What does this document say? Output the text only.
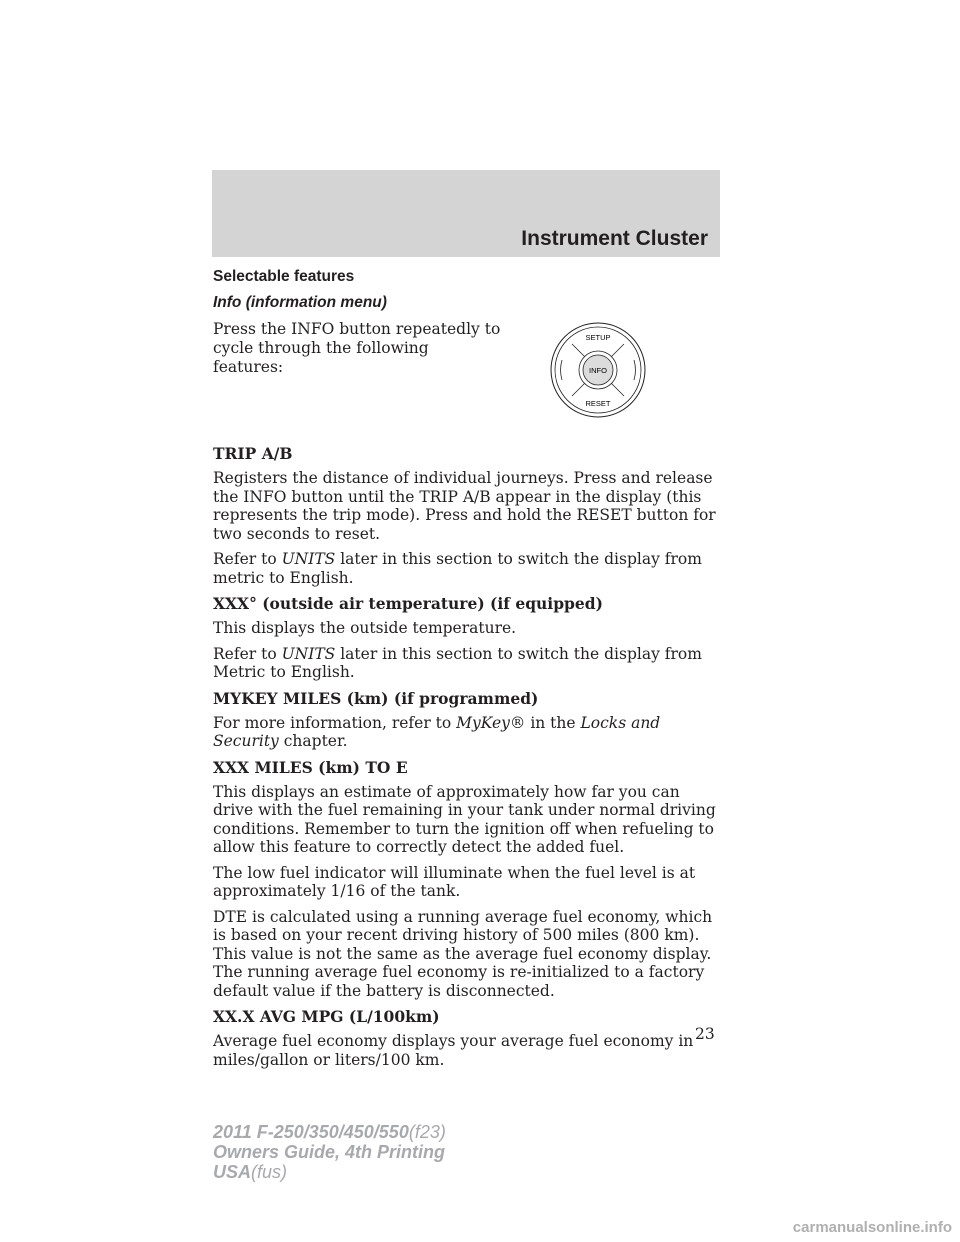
Instrument Cluster
Selectable features
Info (information menu)

Press the INFO button repeatedly to cycle through the following features:

SETUP
INFO
RESET
TRIP A/B

Registers the distance of individual journeys. Press and release the INFO button until the TRIP A/B appear in the display (this represents the trip mode). Press and hold the RESET button for two seconds to reset.

Refer to UNITS later in this section to switch the display from metric to English.

XXX° (outside air temperature) (if equipped)

This displays the outside temperature.

Refer to UNITS later in this section to switch the display from Metric to English.

MYKEY MILES (km) (if programmed)

For more information, refer to MyKey® in the Locks and Security chapter.

XXX MILES (km) TO E

This displays an estimate of approximately how far you can drive with the fuel remaining in your tank under normal driving conditions. Remember to turn the ignition off when refueling to allow this feature to correctly detect the added fuel.

The low fuel indicator will illuminate when the fuel level is at approximately 1/16 of the tank.

DTE is calculated using a running average fuel economy, which is based on your recent driving history of 500 miles (800 km). This value is not the same as the average fuel economy display. The running average fuel economy is re-initialized to a factory default value if the battery is disconnected.

XX.X AVG MPG (L/100km)

Average fuel economy displays your average fuel economy in miles/gallon or liters/100 km.

23
2011 F-250/350/450/550(f23)
Owners Guide, 4th Printing
USA(fus)
carmanualsonline.info
